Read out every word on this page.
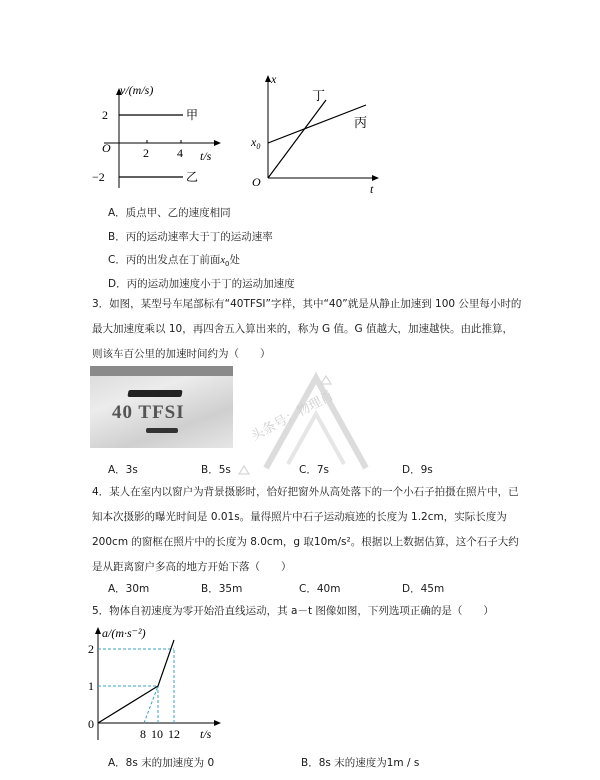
v/(m/s)
t/s
O
2
−2
2 4
甲
乙
x
t
O
$x_0$
丁
丙
A．质点甲、乙的速度相同
B．丙的运动速率大于丁的运动速率
C．丙的出发点在丁前面$x_0$处
D．丙的运动加速度小于丁的运动加速度
3．如图，某型号车尾部标有“40TFSI”字样，其中“40”就是从静止加速到 100 公里每小时的最大加速度乘以 10，再四舍五入算出来的，称为 G 值。G 值越大，加速越快。由此推算，则该车百公里的加速时间约为（　　）
40 TFSI	头条号：物理肖
A．3s	B．5s	C．7s	D．9s
4．某人在室内以窗户为背景摄影时，恰好把窗外从高处落下的一个小石子拍摄在照片中，已知本次摄影的曝光时间是 0.01s。量得照片中石子运动痕迹的长度为 1.2cm，实际长度为 200cm 的窗框在照片中的长度为 8.0cm，g 取10m/s²。根据以上数据估算，这个石子大约是从距离窗户多高的地方开始下落（　　）
A．30m	B．35m	C．40m	D．45m
5．物体自初速度为零开始沿直线运动，其 a－t 图像如图，下列选项正确的是（　　）
a/(m·s⁻²)
t/s
0
2
1
8 10 12
A．8s 末的加速度为 0	B．8s 末的速度为1m / s
